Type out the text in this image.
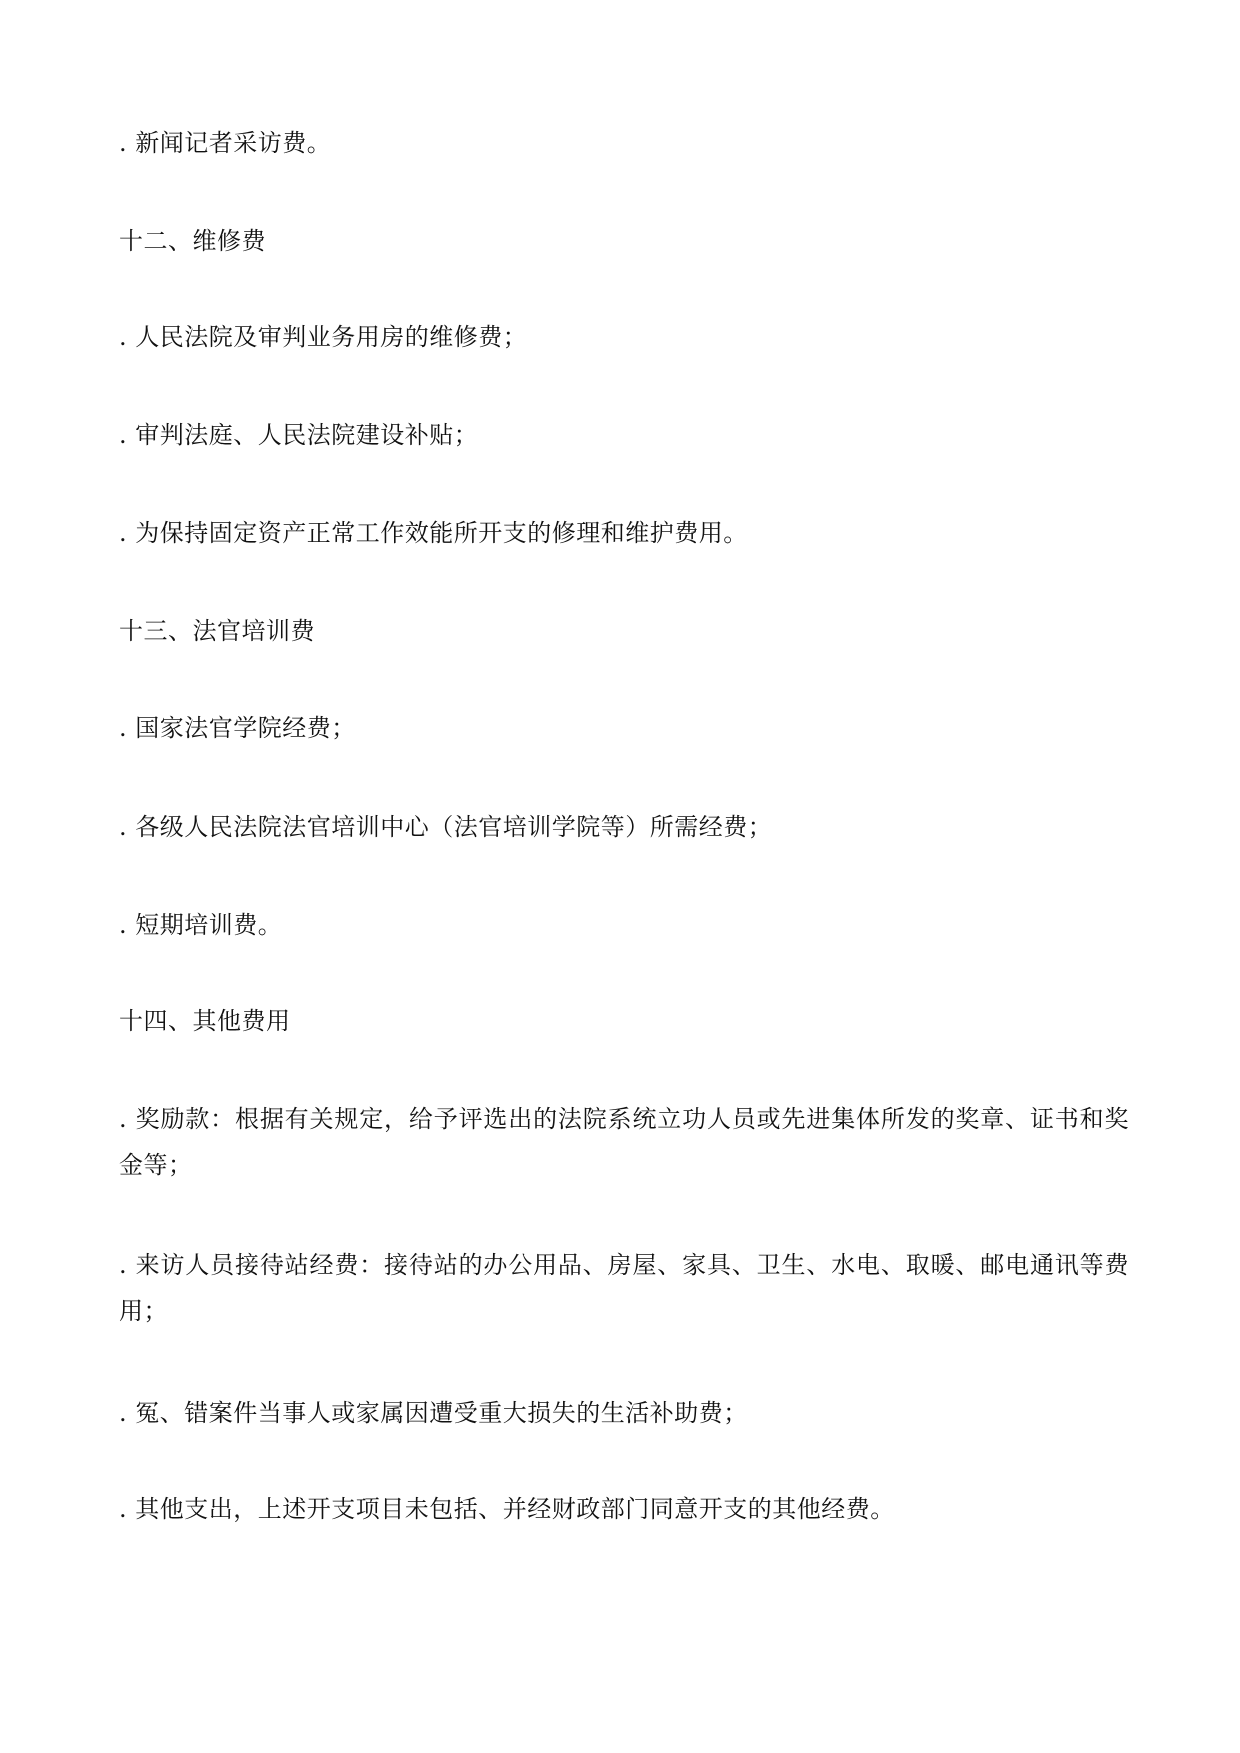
. 新闻记者采访费。
十二、维修费
. 人民法院及审判业务用房的维修费；
. 审判法庭、人民法院建设补贴；
. 为保持固定资产正常工作效能所开支的修理和维护费用。
十三、法官培训费
. 国家法官学院经费；
. 各级人民法院法官培训中心（法官培训学院等）所需经费；
. 短期培训费。
十四、其他费用
. 奖励款：根据有关规定，给予评选出的法院系统立功人员或先进集体所发的奖章、证书和奖金等；
. 来访人员接待站经费：接待站的办公用品、房屋、家具、卫生、水电、取暖、邮电通讯等费用；
. 冤、错案件当事人或家属因遭受重大损失的生活补助费；
. 其他支出，上述开支项目未包括、并经财政部门同意开支的其他经费。
